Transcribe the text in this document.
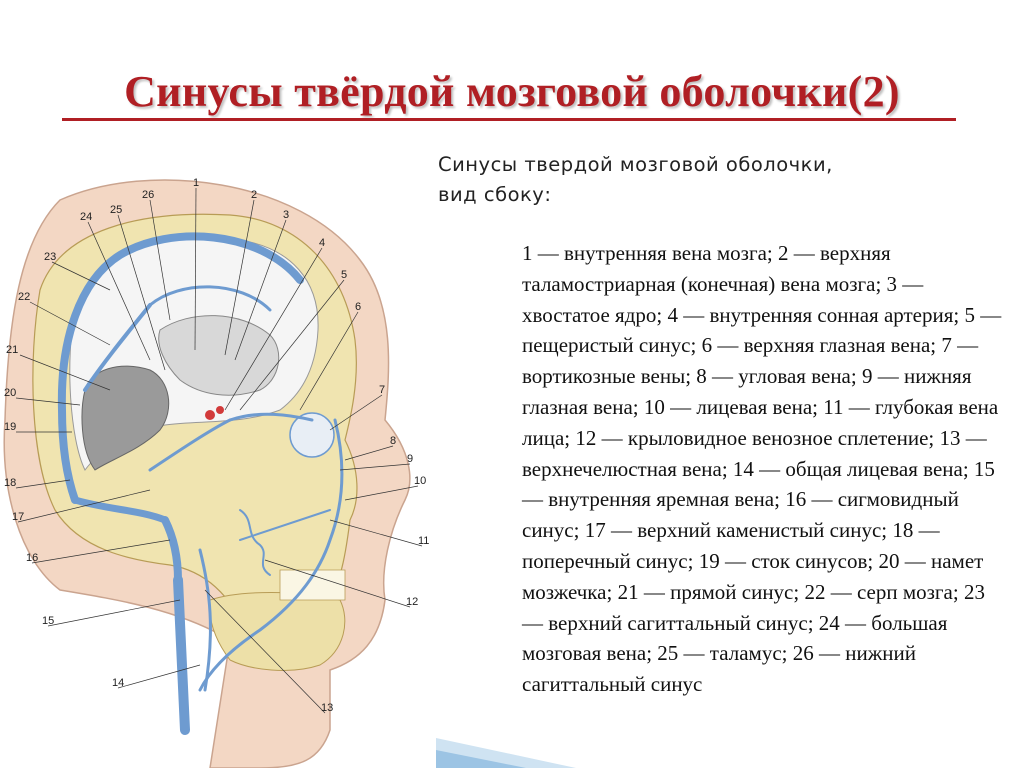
Синусы твёрдой мозговой оболочки(2)
Синусы твердой мозговой оболочки,
вид сбоку:
1 — внутренняя вена мозга; 2 — верхняя таламостриарная (конечная) вена мозга; 3 — хвостатое ядро; 4 — внутренняя сонная артерия; 5 — пещеристый синус; 6 — верхняя глазная вена; 7 — вортикозные вены; 8 — угловая вена; 9 — нижняя глазная вена; 10 — лицевая вена; 11 — глубокая вена лица; 12 — крыловидное венозное сплетение; 13 — верхнечелюстная вена; 14 — общая лицевая вена; 15 — внутренняя яремная вена; 16 — сигмовидный синус; 17 — верхний каменистый синус; 18 — поперечный синус; 19 — сток синусов; 20 — намет мозжечка; 21 — прямой синус; 22 — серп мозга; 23 — верхний сагиттальный синус; 24 — большая мозговая вена; 25 — таламус; 26 — нижний сагиттальный синус
1
2
3
4
5
6
7
8
9
10
11
12
13
14
15
16
17
18
19
20
21
22
23
24
25
26
